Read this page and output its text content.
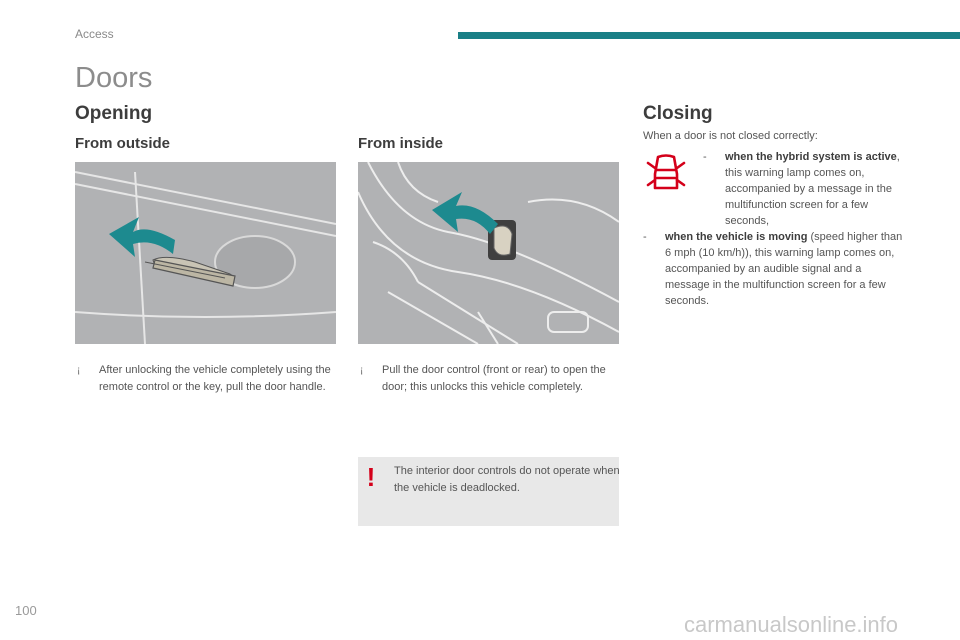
Access
Doors
Opening
From outside	From inside
¡ After unlocking the vehicle completely using the remote control or the key, pull the door handle.
¡ Pull the door control (front or rear) to open the door; this unlocks this vehicle completely.
! The interior door controls do not operate when the vehicle is deadlocked.
Closing
When a door is not closed correctly:
- when the hybrid system is active, this warning lamp comes on, accompanied by a message in the multifunction screen for a few seconds,
- when the vehicle is moving (speed higher than 6 mph (10 km/h)), this warning lamp comes on, accompanied by an audible signal and a message in the multifunction screen for a few seconds.
100
carmanualsonline.info
